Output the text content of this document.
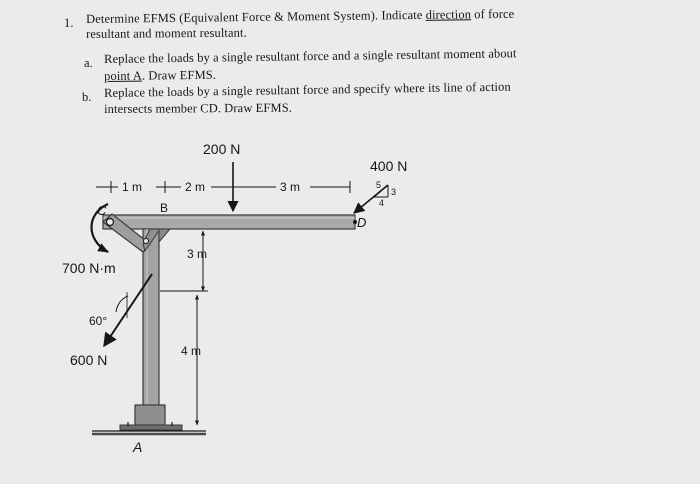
1. Determine EFMS (Equivalent Force & Moment System). Indicate direction of force
resultant and moment resultant.
a. Replace the loads by a single resultant force and a single resultant moment about
point A. Draw EFMS.
b. Replace the loads by a single resultant force and specify where its line of action
intersects member CD. Draw EFMS.
1 m	2 m	3 m
200 N
B
C
D
700 N·m
400 N
5
3
4
3 m
4 m
60°
600 N
A
